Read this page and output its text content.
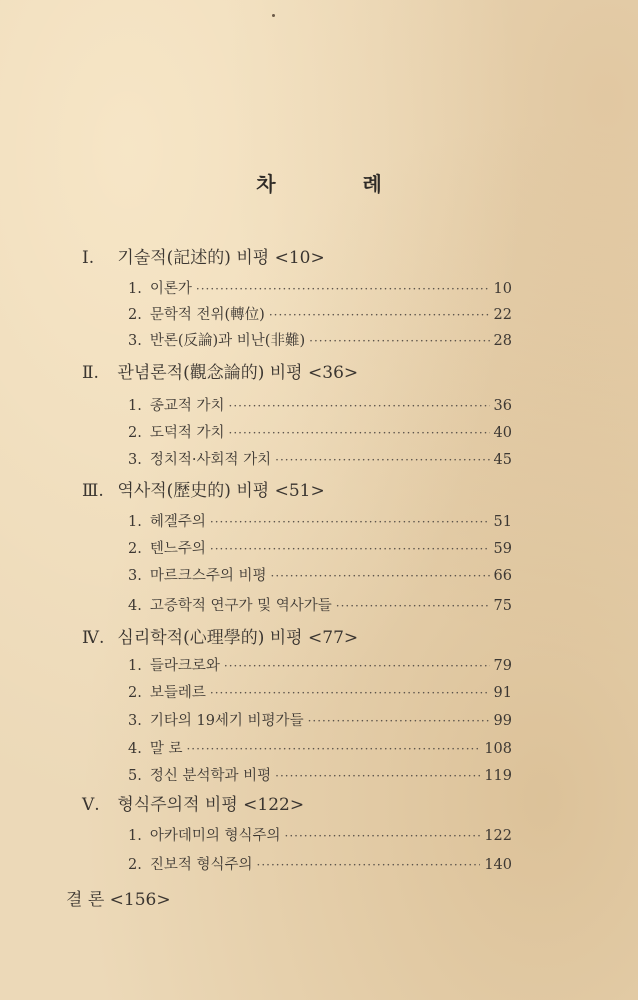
차 례
Ⅰ. 기술적(記述的) 비평 <10>
1. 이론가 ·····	10
2. 문학적 전위(轉位) ·····	22
3. 반론(反論)과 비난(非難) ·····	28
Ⅱ. 관념론적(觀念論的) 비평 <36>
1. 종교적 가치 ·····	36
2. 도덕적 가치 ·····	40
3. 정치적·사회적 가치 ·····	45
Ⅲ. 역사적(歷史的) 비평 <51>
1. 헤겔주의 ·····	51
2. 텐느주의 ·····	59
3. 마르크스주의 비평 ·····	66
4. 고증학적 연구가 및 역사가들 ·····	75
Ⅳ. 심리학적(心理學的) 비평 <77>
1. 들라크로와 ·····	79
2. 보들레르 ·····	91
3. 기타의 19세기 비평가들 ·····	99
4. 말 로 ·····	108
5. 정신 분석학과 비평 ·····	119
Ⅴ. 형식주의적 비평 <122>
1. 아카데미의 형식주의 ·····	122
2. 진보적 형식주의 ·····	140
결 론 <156>
